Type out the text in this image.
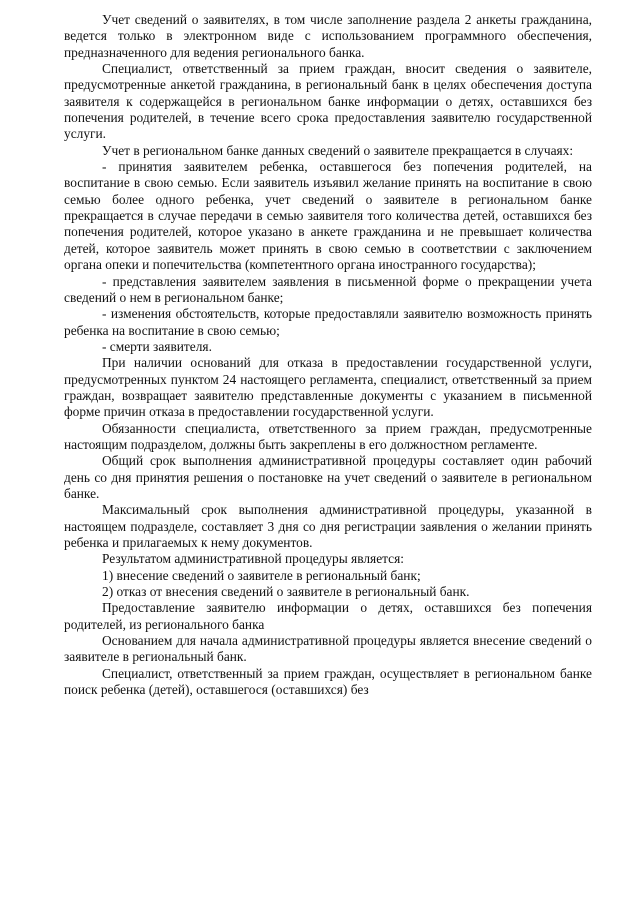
Учет сведений о заявителях, в том числе заполнение раздела 2 анкеты гражданина, ведется только в электронном виде с использованием программного обеспечения, предназначенного для ведения регионального банка.

Специалист, ответственный за прием граждан, вносит сведения о заявителе, предусмотренные анкетой гражданина, в региональный банк в целях обеспечения доступа заявителя к содержащейся в региональном банке информации о детях, оставшихся без попечения родителей, в течение всего срока предоставления заявителю государственной услуги.

Учет в региональном банке данных сведений о заявителе прекращается в случаях:

- принятия заявителем ребенка, оставшегося без попечения родителей, на воспитание в свою семью. Если заявитель изъявил желание принять на воспитание в свою семью более одного ребенка, учет сведений о заявителе в региональном банке прекращается в случае передачи в семью заявителя того количества детей, оставшихся без попечения родителей, которое указано в анкете гражданина и не превышает количества детей, которое заявитель может принять в свою семью в соответствии с заключением органа опеки и попечительства (компетентного органа иностранного государства);

- представления заявителем заявления в письменной форме о прекращении учета сведений о нем в региональном банке;

- изменения обстоятельств, которые предоставляли заявителю возможность принять ребенка на воспитание в свою семью;

- смерти заявителя.

При наличии оснований для отказа в предоставлении государственной услуги, предусмотренных пунктом 24 настоящего регламента, специалист, ответственный за прием граждан, возвращает заявителю представленные документы с указанием в письменной форме причин отказа в предоставлении государственной услуги.

Обязанности специалиста, ответственного за прием граждан, предусмотренные настоящим подразделом, должны быть закреплены в его должностном регламенте.

Общий срок выполнения административной процедуры составляет один рабочий день со дня принятия решения о постановке на учет сведений о заявителе в региональном банке.

Максимальный срок выполнения административной процедуры, указанной в настоящем подразделе, составляет 3 дня со дня регистрации заявления о желании принять ребенка и прилагаемых к нему документов.

Результатом административной процедуры является:

1) внесение сведений о заявителе в региональный банк;

2) отказ от внесения сведений о заявителе в региональный банк.

Предоставление заявителю информации о детях, оставшихся без попечения родителей, из регионального банка

Основанием для начала административной процедуры является внесение сведений о заявителе в региональный банк.

Специалист, ответственный за прием граждан, осуществляет в региональном банке поиск ребенка (детей), оставшегося (оставшихся) без
